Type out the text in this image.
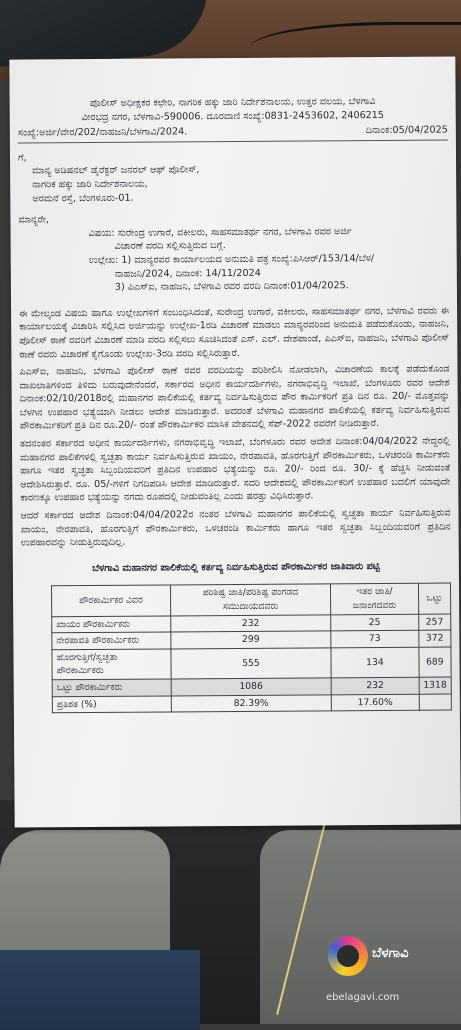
ಪೊಲೀಸ್ ಅಧೀಕ್ಷಕರ ಕಛೇರಿ, ನಾಗರಿಕ ಹಕ್ಕು ಜಾರಿ ನಿರ್ದೇಶನಾಲಯ, ಉತ್ತರ ವಲಯ, ಬೆಳಗಾವಿ
ವೀರಭದ್ರ ನಗರ, ಬೆಳಗಾವಿ-590006. ದೂರವಾಣಿ ಸಂಖ್ಯೆ:0831-2453602, 2406215
ಸಂಖ್ಯೆ:ಅರ್ಜಿ/ವೇರ/202/ನಾಹಜನಿ/ಬೆಳಗಾವಿ/2024.	ದಿನಾಂಕ:05/04/2025
ಗೆ,
ಮಾನ್ಯ ಅಡಿಷನಲ್ ಡೈರೆಕ್ಟರ್ ಜನರಲ್ ಆಫ್ ಪೊಲೀಸ್,
ನಾಗರಿಕ ಹಕ್ಕು ಜಾರಿ ನಿರ್ದೇಶನಾಲಯ,
ಅರಮನೆ ರಸ್ತೆ, ಬೆಂಗಳೂರು-01.
ಮಾನ್ಯರೇ,
ವಿಷಯ: ಸುರೇಂದ್ರ ಉಗಾರೆ, ವಕೀಲರು, ಸಾಹಸಮಾತರ್ಥ ನಗರ, ಬೆಳಗಾವಿ ರವರ ಅರ್ಜಿ
ವಿಚಾರಣೆ ವರದಿ ಸಲ್ಲಿಸುತ್ತಿರುವ ಬಗ್ಗೆ.
ಉಲ್ಲೇಖ: 1) ಮಾನ್ಯರವರ ಕಾರ್ಯಾಲಯದ ಅನುಮತಿ ಪತ್ರ ಸಂಖ್ಯೆ:ಪಿಸಿಆರ್/153/14/ಬೆಳ/
ನಾಹಜನಿ/2024, ದಿನಾಂಕ: 14/11/2024
3) ಪಿಎಸ್ಐ, ನಾಹಜನಿ, ಬೆಳಗಾವಿ ರವರ ವರದಿ ದಿನಾಂಕ:01/04/2025.
ಈ ಮೇಲ್ಕಂಡ ವಿಷಯ ಹಾಗೂ ಉಲ್ಲೇಖಗಳಿಗೆ ಸಂಬಂಧಿಸಿದಂತೆ, ಸುರೇಂದ್ರ ಉಗಾರೆ, ವಕೀಲರು, ಸಾಹಸಮಾತರ್ಥ ನಗರ, ಬೆಳಗಾವಿ ರವರು ಈ ಕಾರ್ಯಾಲಯಕ್ಕೆ ವಿಚಾರಿಸಿ ಸಲ್ಲಿಸಿದ ಅರ್ಜಿಯನ್ನು ಉಲ್ಲೇಖ-1ರಡಿ ವಿಚಾರಣೆ ಮಾಡಲು ಮಾನ್ಯರವರಿಂದ ಅನುಮತಿ ಪಡೆದುಕೊಂಡು, ನಾಹಜನಿ, ಪೊಲೀಸ್ ಠಾಣೆ ರವರಿಗೆ ವಿಚಾರಣೆ ಮಾಡಿ ವರದಿ ಸಲ್ಲಿಸಲು ಸೂಚಿಸಿದಂತೆ ಎಸ್. ಎಲ್. ದೇಶಪಾಂಡೆ, ಪಿಎಸ್ಐ, ನಾಹಜನಿ, ಬೆಳಗಾವಿ ಪೊಲೀಸ್ ಠಾಣೆ ರವರು ವಿಚಾರಣೆ ಕೈಗೊಂಡು ಉಲ್ಲೇಖ-3ರಡಿ ವರದಿ ಸಲ್ಲಿಸಿರುತ್ತಾರೆ.
ಪಿಎಸ್ಐ, ನಾಹಜನಿ, ಬೆಳಗಾವಿ ಪೊಲೀಸ್ ಠಾಣೆ ರವರ ವರದಿಯನ್ನು ಪರಿಶೀಲಿಸಿ ನೋಡಲಾಗಿ, ವಿಚಾರಣೆಯ ಕಾಲಕ್ಕೆ ಪಡೆದುಕೊಂಡ ದಾಖಲಾತಿಗಳಿಂದ ತಿಳಿದು ಬರುವುದೇನೆಂದರೆ, ಸರ್ಕಾರದ ಅಧೀನ ಕಾರ್ಯದರ್ಶಿಗಳು, ನಗರಾಭಿವೃದ್ಧಿ ಇಲಾಖೆ, ಬೆಂಗಳೂರು ರವರ ಆದೇಶ ದಿನಾಂಕ:02/10/2018ರಲ್ಲಿ ಮಹಾನಗರ ಪಾಲಿಕೆಯಲ್ಲಿ ಕರ್ತವ್ಯ ನಿರ್ವಹಿಸುತ್ತಿರುವ ಪೌರ ಕಾರ್ಮಿಕರಿಗೆ ಪ್ರತಿ ದಿನ ರೂ. 20/- ಮೊತ್ತವನ್ನು ಬೆಳಗಿನ ಉಪಹಾರ ಭತ್ಯೆಯಾಗಿ ನೀಡಲು ಆದೇಶ ಮಾಡಿರುತ್ತಾರೆ. ಅದರಂತೆ ಬೆಳಗಾವಿ ಮಹಾನಗರ ಪಾಲಿಕೆಯಲ್ಲಿ ಕರ್ತವ್ಯ ನಿರ್ವಹಿಸುತ್ತಿರುವ ಪೌರಕಾರ್ಮಿಕರಿಗೆ ಪ್ರತಿ ದಿನ ರೂ.20/- ರಂತೆ ಪೌರಕಾರ್ಮಿಕರ ಮಾಸಿಕ ವೇತನದಲ್ಲಿ ಸೆಪ್-2022 ರವರೆಗೆ ನೀಡಿರುತ್ತಾರೆ.
ತದನಂತರ ಸರ್ಕಾರದ ಅಧೀನ ಕಾರ್ಯದರ್ಶಿಗಳು, ನಗರಾಭಿವೃದ್ಧಿ ಇಲಾಖೆ, ಬೆಂಗಳೂರು ರವರ ಆದೇಶ ದಿನಾಂಕ:04/04/2022 ನೇದ್ದರಲ್ಲಿ ಮಹಾನಗರ ಪಾಲಿಕೆಗಳಲ್ಲಿ ಸ್ವಚ್ಛತಾ ಕಾರ್ಯ ನಿರ್ವಹಿಸುತ್ತಿರುವ ಖಾಯಂ, ನೇರಪಾವತಿ, ಹೊರಗುತ್ತಿಗೆ ಪೌರಕಾರ್ಮಿಕರು, ಒಳಚರಂಡಿ ಕಾರ್ಮಿಕರು ಹಾಗೂ ಇತರ ಸ್ವಚ್ಛತಾ ಸಿಬ್ಬಂದಿಯವರಿಗೆ ಪ್ರತಿದಿನ ಉಪಹಾರ ಭತ್ಯೆಯನ್ನು ರೂ. 20/- ರಿಂದ ರೂ. 30/- ಕ್ಕೆ ಹೆಚ್ಚಿಸಿ ನೀಡುವಂತೆ ಆದೇಶಿಸಿರುತ್ತಾರೆ. ರೂ. 05/-ಗಳಿಗೆ ನಿಗದಿಪಡಿಸಿ ಆದೇಶ ಮಾಡಿರುತ್ತಾರೆ. ಸದರಿ ಆದೇಶದಲ್ಲಿ ಪೌರಕಾರ್ಮಿಕರಿಗೆ ಉಪಹಾರ ಬದಲಿಗೆ ಯಾವುದೇ ಕಾರಣಕ್ಕೂ ಉಪಹಾರ ಭತ್ಯೆಯನ್ನು ನಗದು ರೂಪದಲ್ಲಿ ನೀಡುವಂತಿಲ್ಲ ಎಂದು ಷರತ್ತು ವಿಧಿಸಿರುತ್ತಾರೆ.
ಆದರೆ ಸರ್ಕಾರದ ಆದೇಶ ದಿನಾಂಕ:04/04/2022ರ ನಂತರ ಬೆಳಗಾವಿ ಮಹಾನಗರ ಪಾಲಿಕೆಯಲ್ಲಿ ಸ್ವಚ್ಛತಾ ಕಾರ್ಯ ನಿರ್ವಹಿಸುತ್ತಿರುವ ಖಾಯಂ, ನೇರಪಾವತಿ, ಹೊರಗುತ್ತಿಗೆ ಪೌರಕಾರ್ಮಿಕರು, ಒಳಚರಂಡಿ ಕಾರ್ಮಿಕರು ಹಾಗೂ ಇತರ ಸ್ವಚ್ಛತಾ ಸಿಬ್ಬಂದಿಯವರಿಗೆ ಪ್ರತಿದಿನ ಉಪಹಾರವನ್ನು ನೀಡುತ್ತಿರುವುದಿಲ್ಲ.
ಬೆಳಗಾವಿ ಮಹಾನಗರ ಪಾಲಿಕೆಯಲ್ಲಿ ಕರ್ತವ್ಯ ನಿರ್ವಹಿಸುತ್ತಿರುವ ಪೌರಕಾರ್ಮಿಕರ ಜಾತಿವಾರು ಪಟ್ಟಿ
ಪೌರಕಾರ್ಮಿಕರ ವಿವರ	ಪರಿಶಿಷ್ಟ ಜಾತಿ/ಪರಿಶಿಷ್ಟ ಪಂಗಡದ ಸಮುದಾಯದವರು	ಇತರ ಜಾತಿ/ಜನಾಂಗದವರು	ಒಟ್ಟು
ಖಾಯಂ ಪೌರಕಾರ್ಮಿಕರು	232	25	257
ನೇರಪಾವತಿ ಪೌರಕಾರ್ಮಿಕರು	299	73	372
ಹೊರಗುತ್ತಿಗೆ/ಸ್ವಚ್ಛತಾ ಪೌರಕಾರ್ಮಿಕರು	555	134	689
ಒಟ್ಟು ಪೌರಕಾರ್ಮಿಕರು	1086	232	1318
ಪ್ರತಿಶತ (%)	82.39%	17.60%	
ಬೆಳಗಾವಿ
ebelagavi.com
